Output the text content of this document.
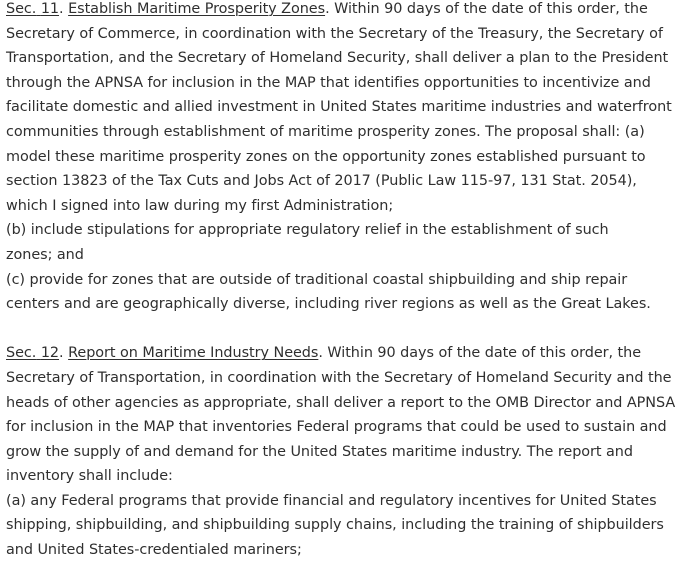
Sec. 11. Establish Maritime Prosperity Zones. Within 90 days of the date of this order, the Secretary of Commerce, in coordination with the Secretary of the Treasury, the Secretary of Transportation, and the Secretary of Homeland Security, shall deliver a plan to the President through the APNSA for inclusion in the MAP that identifies opportunities to incentivize and facilitate domestic and allied investment in United States maritime industries and waterfront communities through establishment of maritime prosperity zones. The proposal shall: (a) model these maritime prosperity zones on the opportunity zones established pursuant to section 13823 of the Tax Cuts and Jobs Act of 2017 (Public Law 115-97, 131 Stat. 2054), which I signed into law during my first Administration;

(b) include stipulations for appropriate regulatory relief in the establishment of such zones; and

(c) provide for zones that are outside of traditional coastal shipbuilding and ship repair centers and are geographically diverse, including river regions as well as the Great Lakes.

Sec. 12. Report on Maritime Industry Needs. Within 90 days of the date of this order, the Secretary of Transportation, in coordination with the Secretary of Homeland Security and the heads of other agencies as appropriate, shall deliver a report to the OMB Director and APNSA for inclusion in the MAP that inventories Federal programs that could be used to sustain and grow the supply of and demand for the United States maritime industry. The report and inventory shall include:

(a) any Federal programs that provide financial and regulatory incentives for United States shipping, shipbuilding, and shipbuilding supply chains, including the training of shipbuilders and United States-credentialed mariners;
